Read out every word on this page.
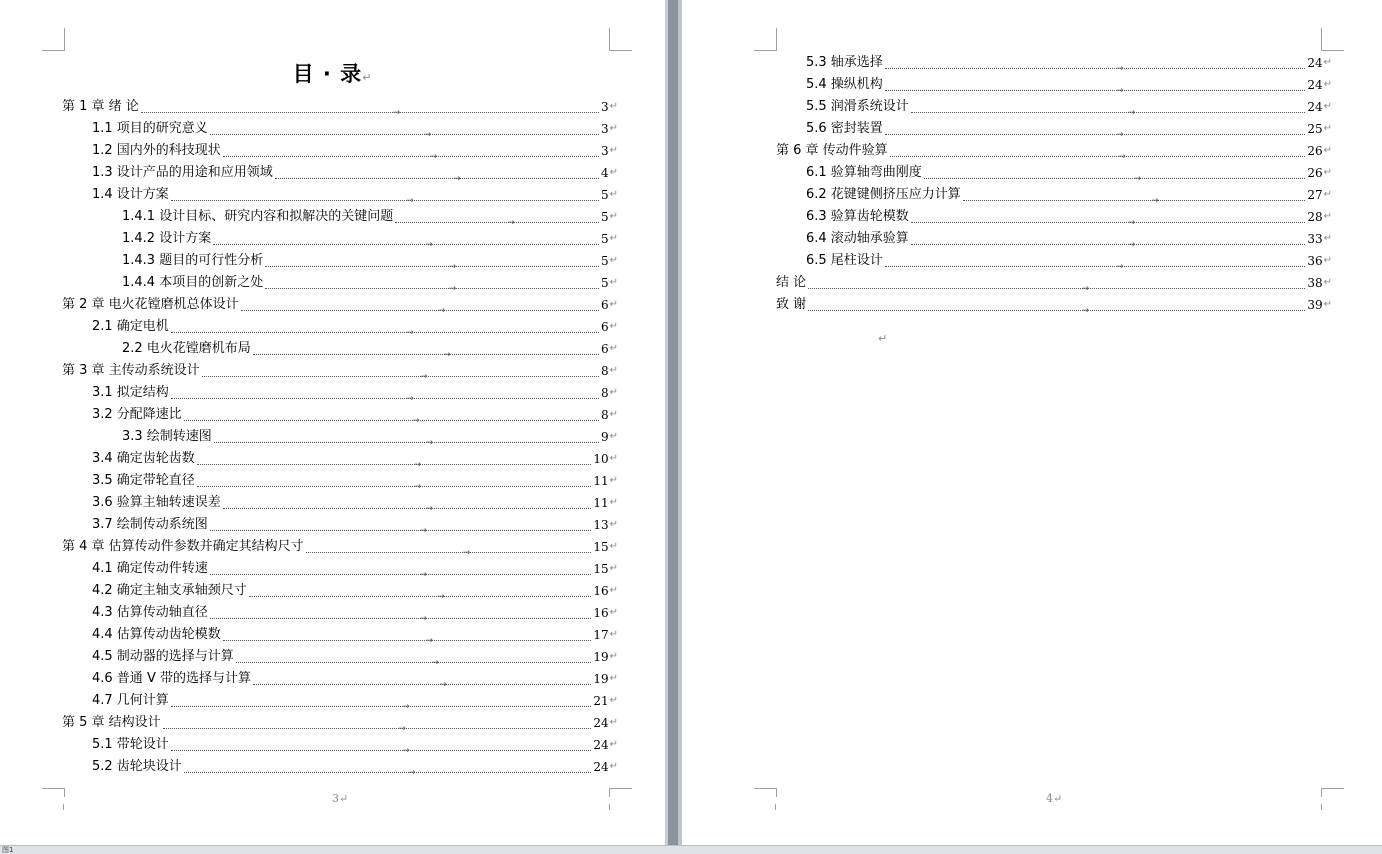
目 · 录↵
第 1 章 绪 论 →	3 ↵
1.1 项目的研究意义 →	3 ↵
1.2 国内外的科技现状 →	3 ↵
1.3 设计产品的用途和应用领域 →	4 ↵
1.4 设计方案 →	5 ↵
1.4.1 设计目标、研究内容和拟解决的关键问题 →	5 ↵
1.4.2 设计方案 →	5 ↵
1.4.3 题目的可行性分析 →	5 ↵
1.4.4 本项目的创新之处 →	5 ↵
第 2 章 电火花镗磨机总体设计 →	6 ↵
2.1 确定电机 →	6 ↵
2.2 电火花镗磨机布局 →	6 ↵
第 3 章 主传动系统设计 →	8 ↵
3.1 拟定结构 →	8 ↵
3.2 分配降速比 →	8 ↵
3.3 绘制转速图 →	9 ↵
3.4 确定齿轮齿数 →	10 ↵
3.5 确定带轮直径 →	11 ↵
3.6 验算主轴转速误差 →	11 ↵
3.7 绘制传动系统图 →	13 ↵
第 4 章 估算传动件参数并确定其结构尺寸 →	15 ↵
4.1 确定传动件转速 →	15 ↵
4.2 确定主轴支承轴颈尺寸 →	16 ↵
4.3 估算传动轴直径 →	16 ↵
4.4 估算传动齿轮模数 →	17 ↵
4.5 制动器的选择与计算 →	19 ↵
4.6 普通 V 带的选择与计算 →	19 ↵
4.7 几何计算 →	21 ↵
第 5 章 结构设计 →	24 ↵
5.1 带轮设计 →	24 ↵
5.2 齿轮块设计 →	24 ↵
3↵
5.3 轴承选择 →	24 ↵
5.4 操纵机构 →	24 ↵
5.5 润滑系统设计 →	24 ↵
5.6 密封装置 →	25 ↵
第 6 章 传动件验算 →	26 ↵
6.1 验算轴弯曲刚度 →	26 ↵
6.2 花键键侧挤压应力计算 →	27 ↵
6.3 验算齿轮模数 →	28 ↵
6.4 滚动轴承验算 →	33 ↵
6.5 尾柱设计 →	36 ↵
结 论 →	38 ↵
致 谢 →	39 ↵
↵
4↵
图1
